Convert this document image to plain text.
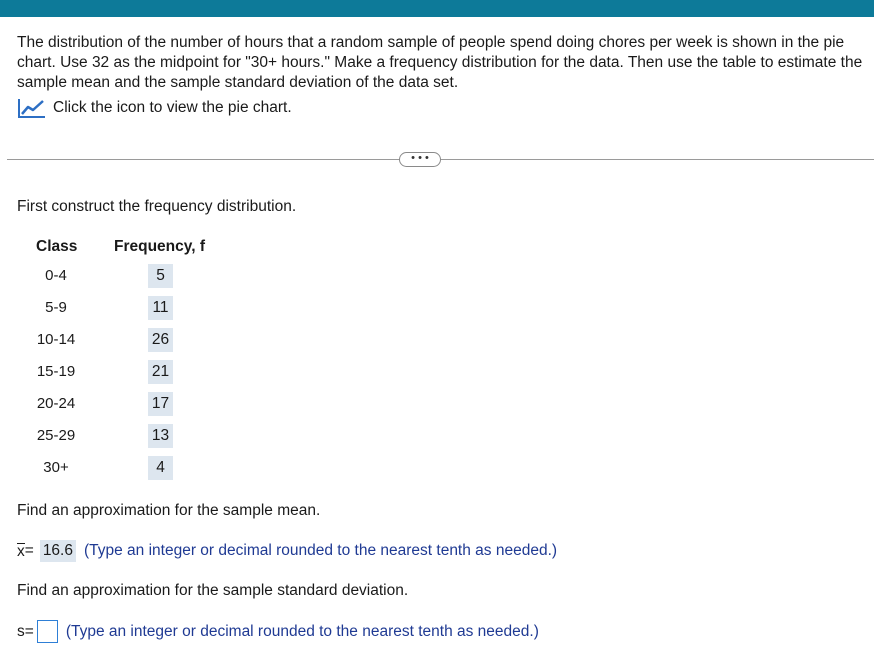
The distribution of the number of hours that a random sample of people spend doing chores per week is shown in the pie chart. Use 32 as the midpoint for "30+ hours." Make a frequency distribution for the data. Then use the table to estimate the sample mean and the sample standard deviation of the data set.
Click the icon to view the pie chart.
• • •
First construct the frequency distribution.
Class Frequency, f
0-4	5
5-9	11
10-14	26
15-19	21
20-24	17
25-29	13
30+	4
Find an approximation for the sample mean.
x = 16.6 (Type an integer or decimal rounded to the nearest tenth as needed.)
Find an approximation for the sample standard deviation.
s = (Type an integer or decimal rounded to the nearest tenth as needed.)
